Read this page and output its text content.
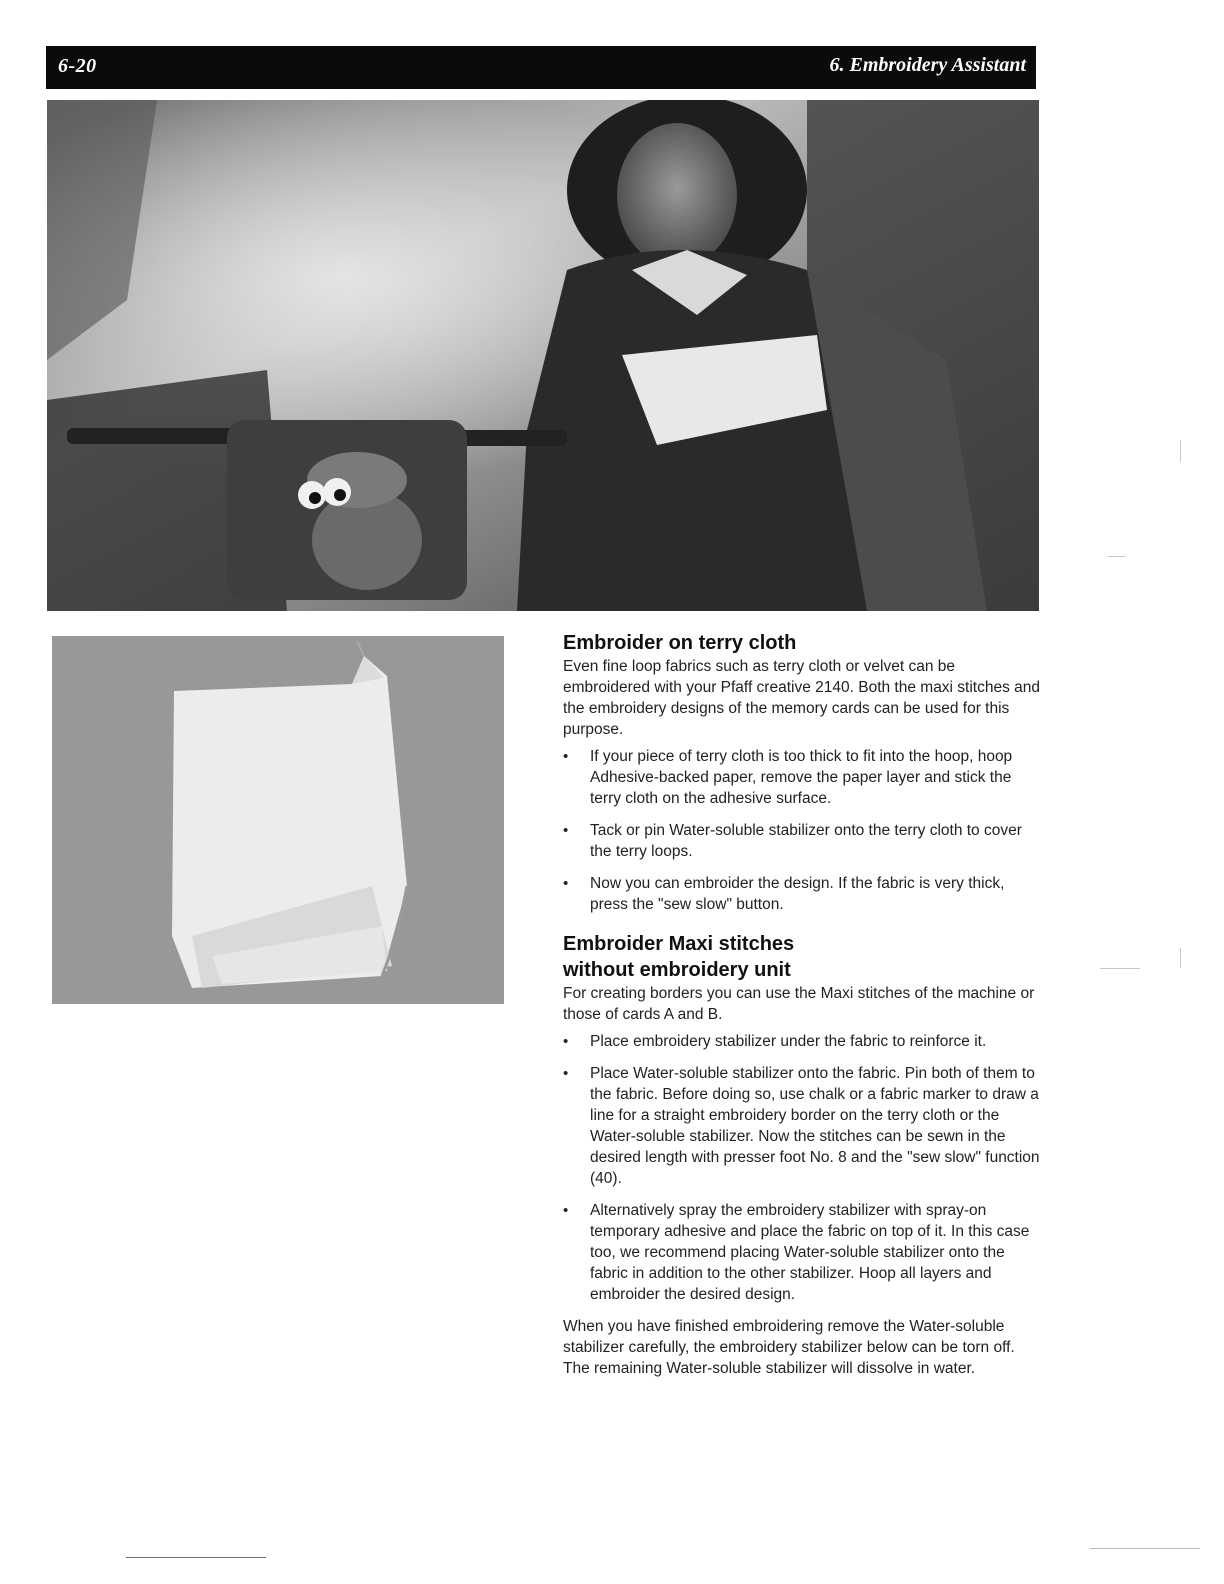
6-20	6. Embroidery Assistant
Embroider on terry cloth

Even fine loop fabrics such as terry cloth or velvet can be embroidered with your Pfaff creative 2140. Both the maxi stitches and the embroidery designs of the memory cards can be used for this purpose.

• If your piece of terry cloth is too thick to fit into the hoop, hoop Adhesive-backed paper, remove the paper layer and stick the terry cloth on the adhesive surface.
• Tack or pin Water-soluble stabilizer onto the terry cloth to cover the terry loops.
• Now you can embroider the design. If the fabric is very thick, press the "sew slow" button.
Embroider Maxi stitches
without embroidery unit

For creating borders you can use the Maxi stitches of the machine or those of cards A and B.

• Place embroidery stabilizer under the fabric to reinforce it.
• Place Water-soluble stabilizer onto the fabric. Pin both of them to the fabric. Before doing so, use chalk or a fabric marker to draw a line for a straight embroidery border on the terry cloth or the Water-soluble stabilizer. Now the stitches can be sewn in the desired length with presser foot No. 8 and the "sew slow" function (40).
• Alternatively spray the embroidery stabilizer with spray-on temporary adhesive and place the fabric on top of it. In this case too, we recommend placing Water-soluble stabilizer onto the fabric in addition to the other stabilizer. Hoop all layers and embroider the desired design.

When you have finished embroidering remove the Water-soluble stabilizer carefully, the embroidery stabilizer below can be torn off. The remaining Water-soluble stabilizer will dissolve in water.
